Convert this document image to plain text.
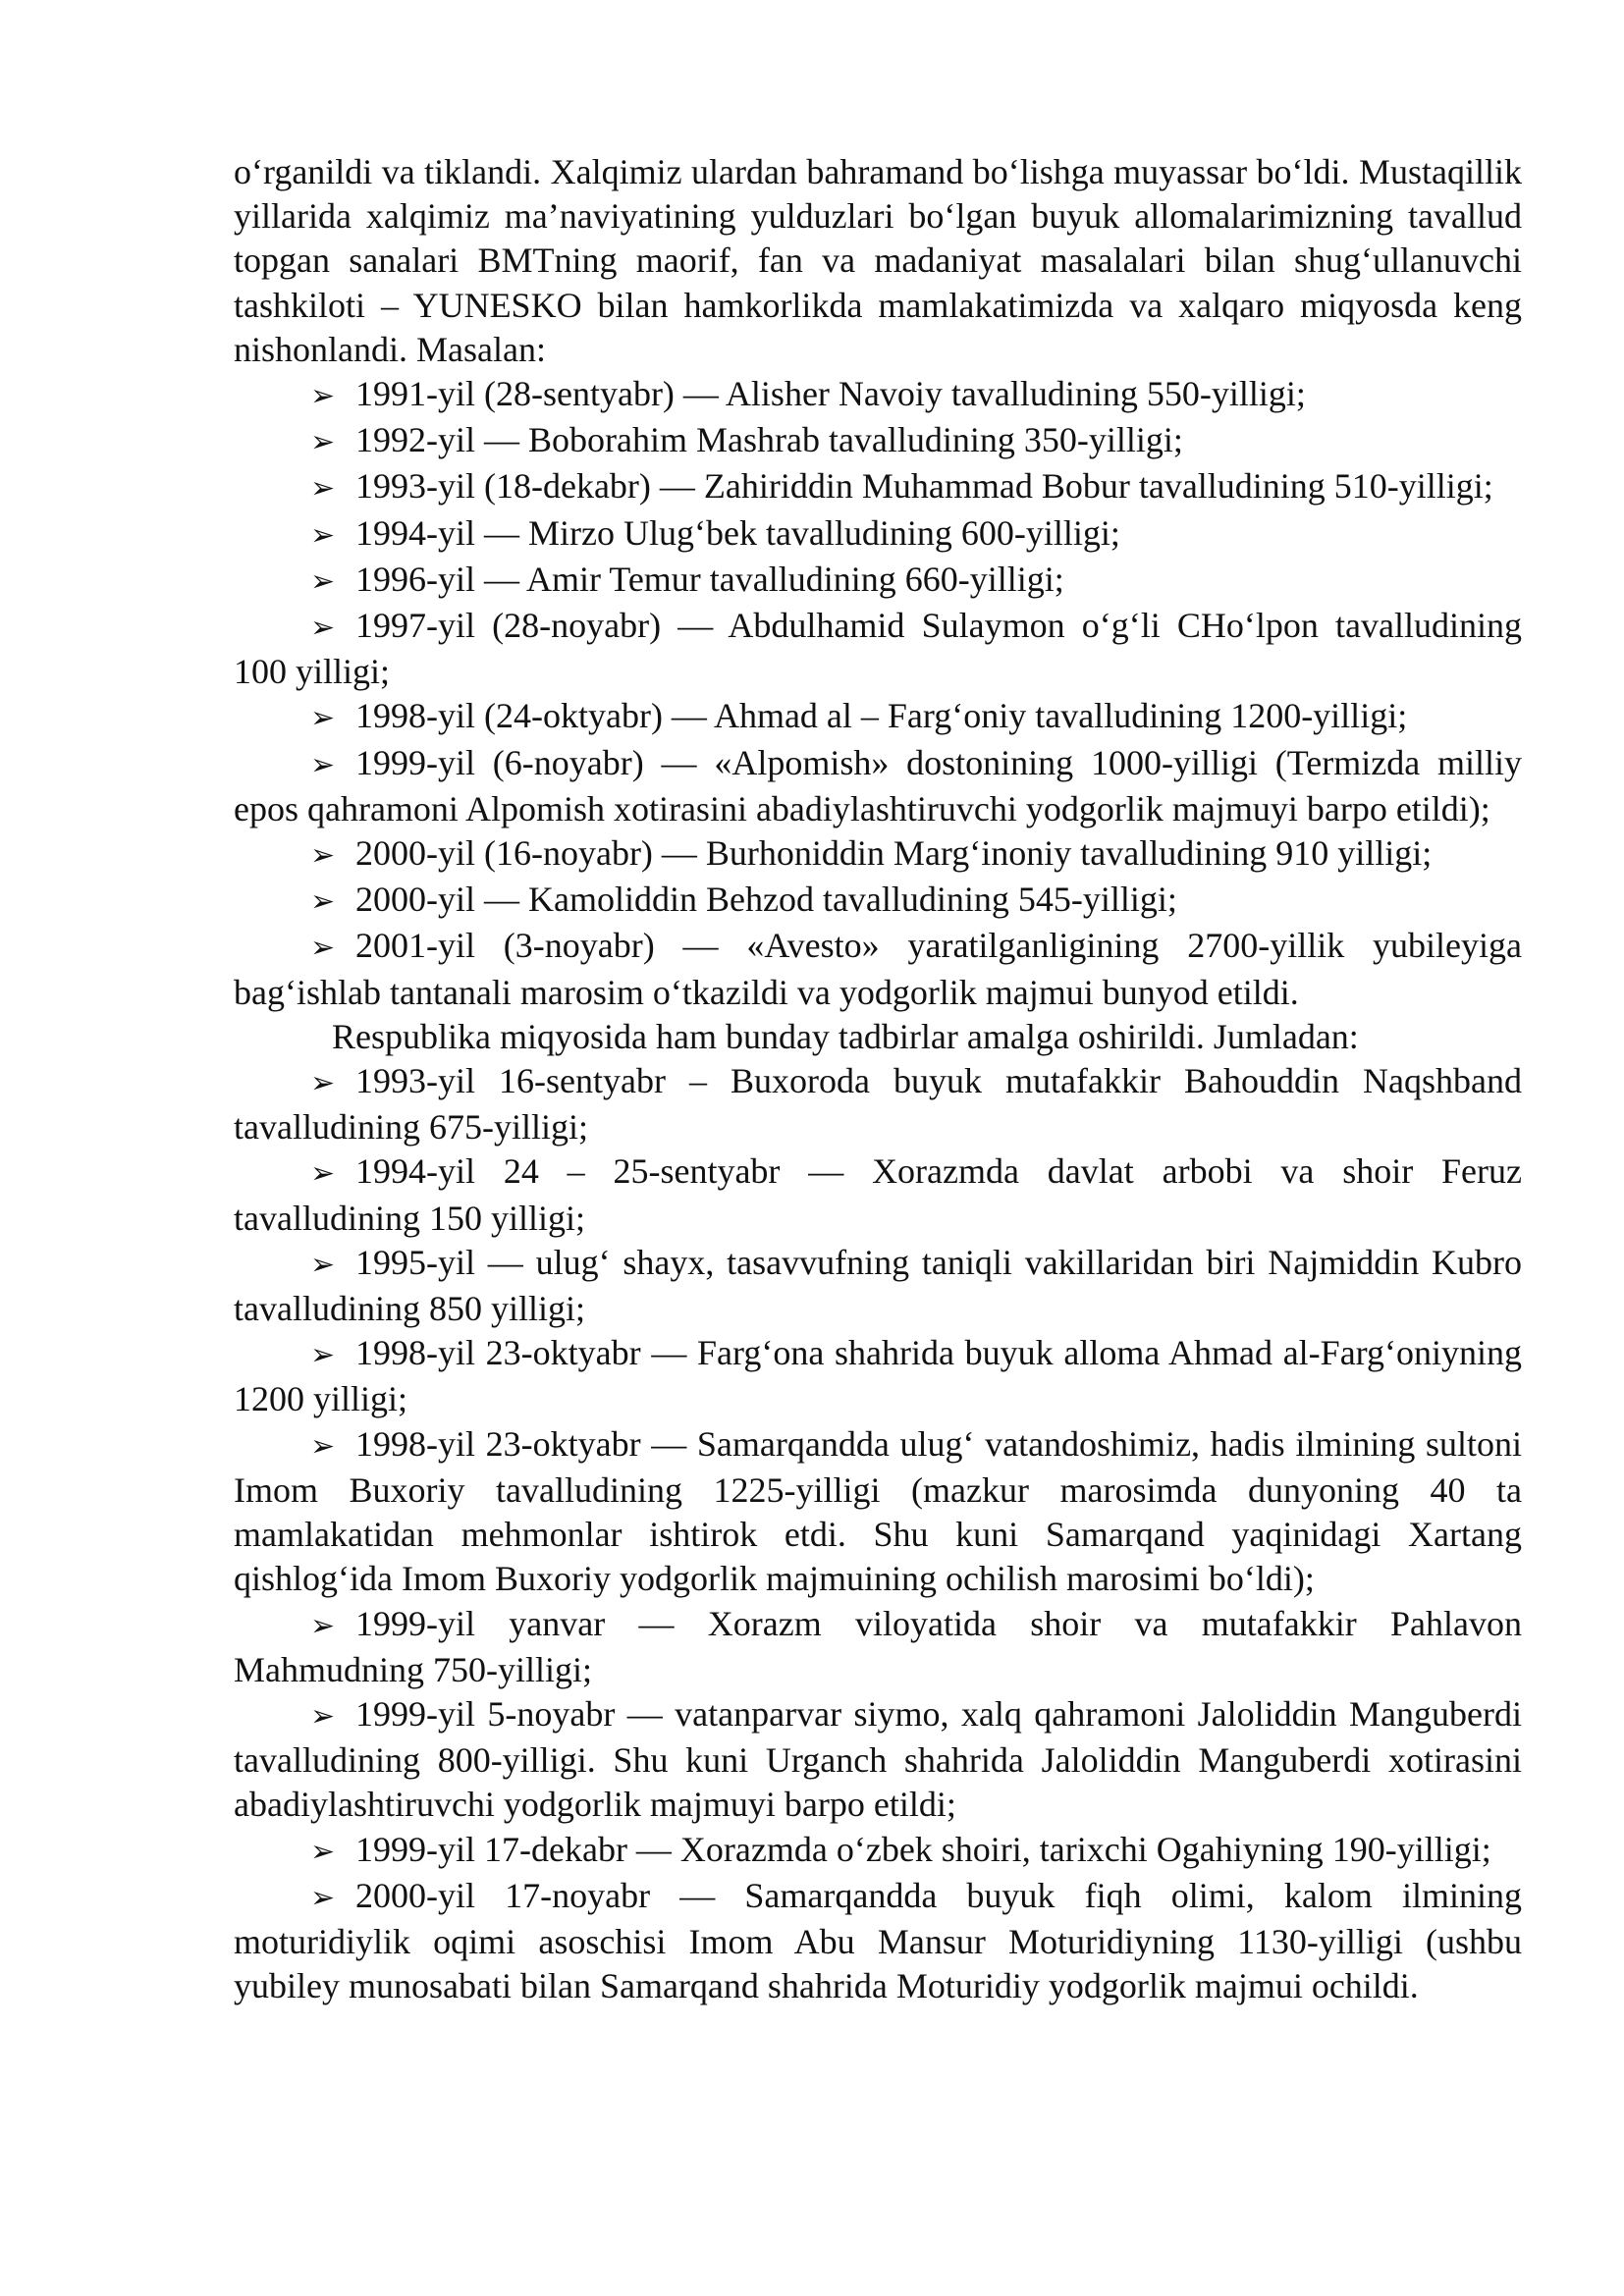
o‘rganildi va tiklandi. Xalqimiz ulardan bahramand bo‘lishga muyassar bo‘ldi. Mustaqillik yillarida xalqimiz ma’naviyatining yulduzlari bo‘lgan buyuk allomalarimizning tavallud topgan sanalari BMTning maorif, fan va madaniyat masalalari bilan shug‘ullanuvchi tashkiloti – YUNESKO bilan hamkorlikda mamlakatimizda va xalqaro miqyosda keng nishonlandi. Masalan:

➢ 1991-yil (28-sentyabr) — Alisher Navoiy tavalludining 550-yilligi;

➢ 1992-yil — Boborahim Mashrab tavalludining 350-yilligi;

➢ 1993-yil (18-dekabr) — Zahiriddin Muhammad Bobur tavalludining 510-yilligi;

➢ 1994-yil — Mirzo Ulug‘bek tavalludining 600-yilligi;

➢ 1996-yil — Amir Temur tavalludining 660-yilligi;

➢ 1997-yil (28-noyabr) — Abdulhamid Sulaymon o‘g‘li CHo‘lpon tavalludining 100 yilligi;

➢ 1998-yil (24-oktyabr) — Ahmad al – Farg‘oniy tavalludining 1200-yilligi;

➢ 1999-yil (6-noyabr) — «Alpomish» dostonining 1000-yilligi (Termizda milliy epos qahramoni Alpomish xotirasini abadiylashtiruvchi yodgorlik majmuyi barpo etildi);

➢ 2000-yil (16-noyabr) — Burhoniddin Marg‘inoniy tavalludining 910 yilligi;

➢ 2000-yil — Kamoliddin Behzod tavalludining 545-yilligi;

➢ 2001-yil (3-noyabr) — «Avesto» yaratilganligining 2700-yillik yubileyiga bag‘ishlab tantanali marosim o‘tkazildi va yodgorlik majmui bunyod etildi.

Respublika miqyosida ham bunday tadbirlar amalga oshirildi. Jumladan:

➢ 1993-yil 16-sentyabr – Buxoroda buyuk mutafakkir Bahouddin Naqshband tavalludining 675-yilligi;

➢ 1994-yil 24 – 25-sentyabr — Xorazmda davlat arbobi va shoir Feruz tavalludining 150 yilligi;

➢ 1995-yil — ulug‘ shayx, tasavvufning taniqli vakillaridan biri Najmiddin Kubro tavalludining 850 yilligi;

➢ 1998-yil 23-oktyabr — Farg‘ona shahrida buyuk alloma Ahmad al-Farg‘oniyning 1200 yilligi;

➢ 1998-yil 23-oktyabr — Samarqandda ulug‘ vatandoshimiz, hadis ilmining sultoni Imom Buxoriy tavalludining 1225-yilligi (mazkur marosimda dunyoning 40 ta mamlakatidan mehmonlar ishtirok etdi. Shu kuni Samarqand yaqinidagi Xartang qishlog‘ida Imom Buxoriy yodgorlik majmuining ochilish marosimi bo‘ldi);

➢ 1999-yil yanvar — Xorazm viloyatida shoir va mutafakkir Pahlavon Mahmudning 750-yilligi;

➢ 1999-yil 5-noyabr — vatanparvar siymo, xalq qahramoni Jaloliddin Manguberdi tavalludining 800-yilligi. Shu kuni Urganch shahrida Jaloliddin Manguberdi xotirasini abadiylashtiruvchi yodgorlik majmuyi barpo etildi;

➢ 1999-yil 17-dekabr — Xorazmda o‘zbek shoiri, tarixchi Ogahiyning 190-yilligi;

➢ 2000-yil 17-noyabr — Samarqandda buyuk fiqh olimi, kalom ilmining moturidiylik oqimi asoschisi Imom Abu Mansur Moturidiyning 1130-yilligi (ushbu yubiley munosabati bilan Samarqand shahrida Moturidiy yodgorlik majmui ochildi.
